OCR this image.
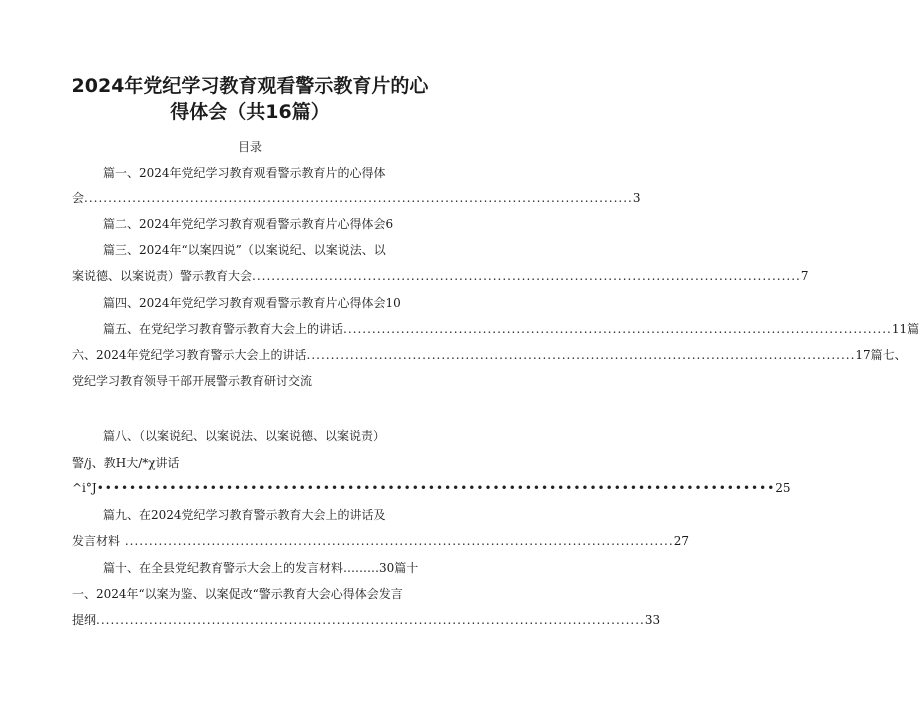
2024年党纪学习教育观看警示教育片的心
得体会（共16篇）
目录
篇一、2024年党纪学习教育观看警示教育片的心得体
会 .................................................................................................................. 3
篇二、2024年党纪学习教育观看警示教育片心得体会6
篇三、2024年“以案四说”（以案说纪、以案说法、以
案说德、以案说责）警示教育大会 .................................................................................................................. 7
篇四、2024年党纪学习教育观看警示教育片心得体会10
篇五、在党纪学习教育警示教育大会上的讲话 .................................................................................................................. 11篇
六、2024年党纪学习教育警示大会上的讲话 .................................................................................................................. 17篇七、
党纪学习教育领导干部开展警示教育研讨交流
篇八、（以案说纪、以案说法、以案说德、以案说责）
警/j、教H大/*χ讲话
^i°J •••••••••••••••••••••••••••••••••••••••••••••••••••••••••••••••••••••••••••••••••••• 25
篇九、在2024党纪学习教育警示教育大会上的讲话及
发言材料 .................................................................................................................. 27
篇十、在全县党纪教育警示大会上的发言材料………30篇十
一、2024年“以案为鉴、以案促改“警示教育大会心得体会发言
提纲 .................................................................................................................. 33
